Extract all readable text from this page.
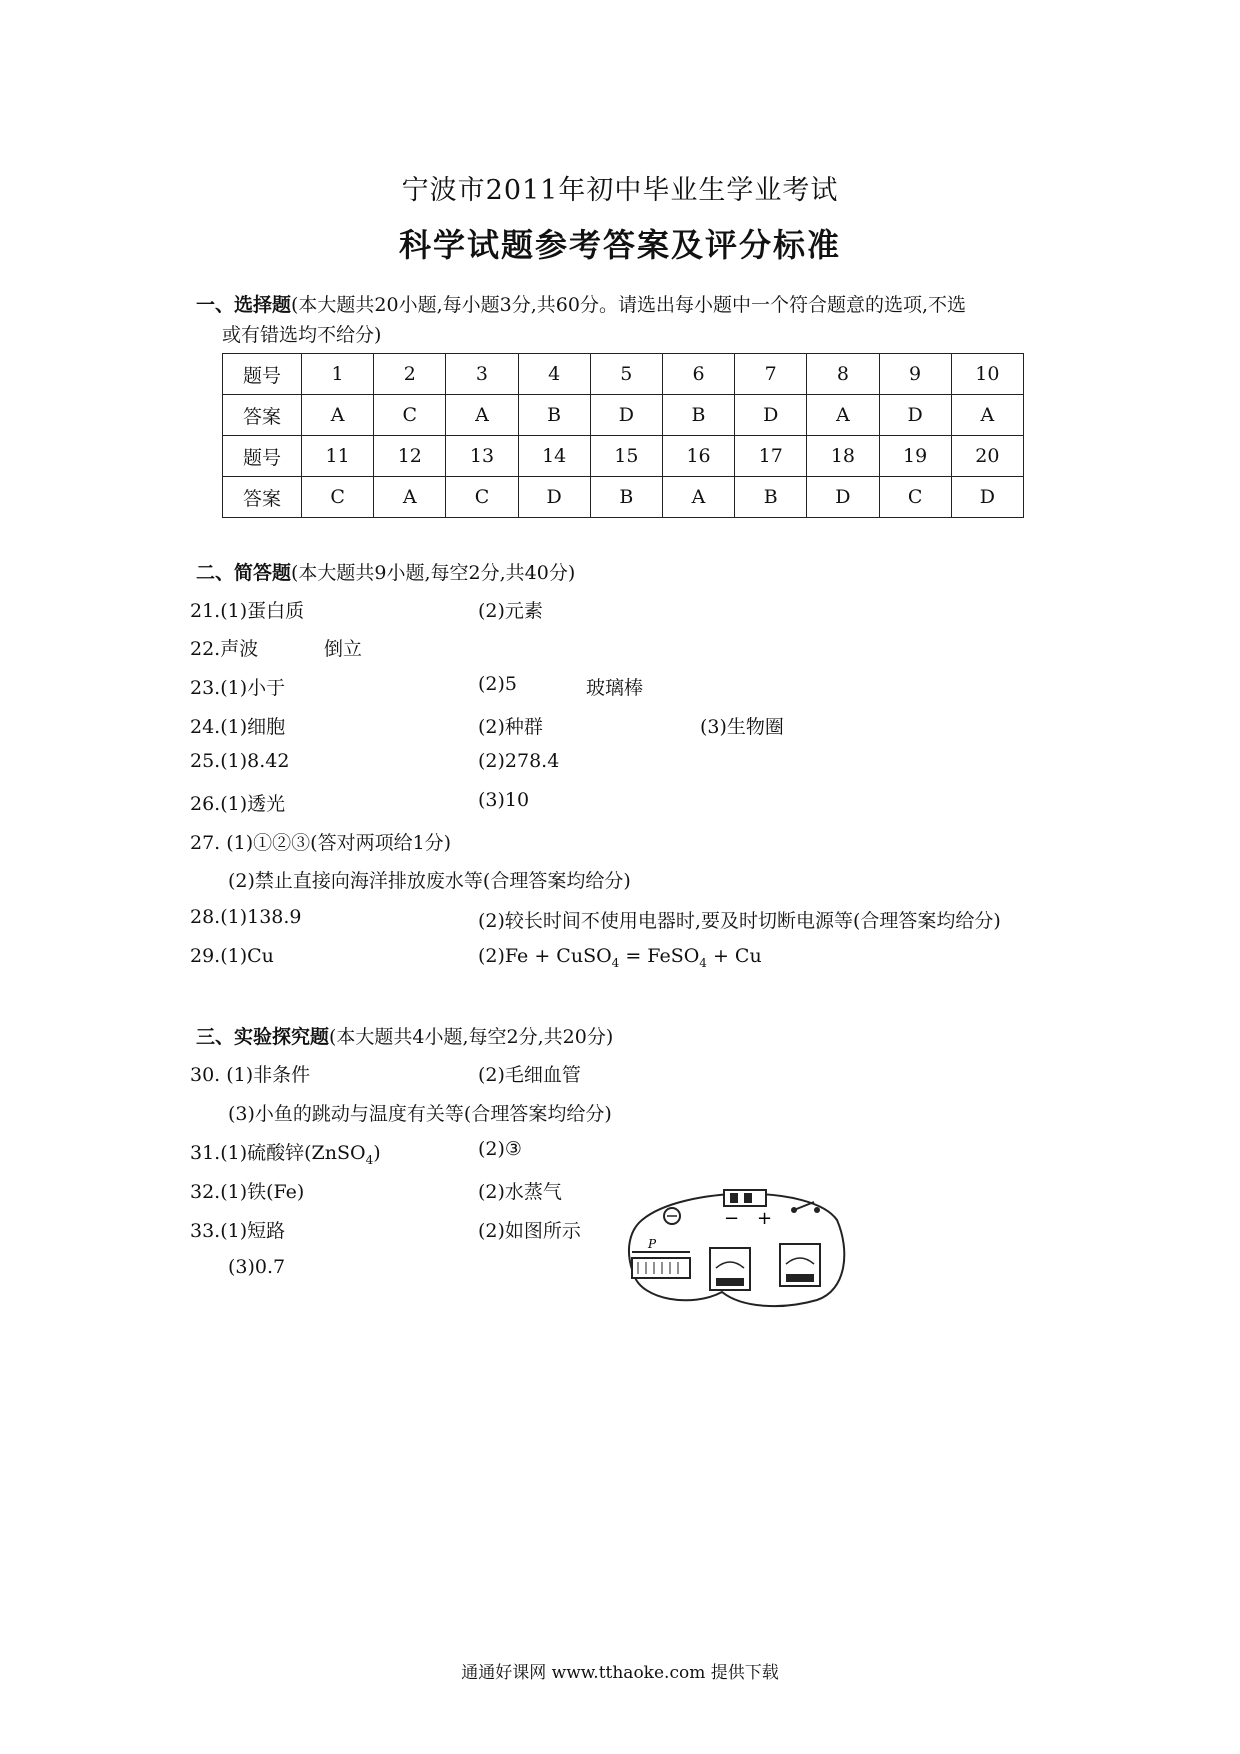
宁波市2011年初中毕业生学业考试
科学试题参考答案及评分标准
一、选择题(本大题共20小题,每小题3分,共60分。请选出每小题中一个符合题意的选项,不选
或有错选均不给分)
题号	1	2	3	4	5	6	7	8	9	10
答案	A	C	A	B	D	B	D	A	D	A
题号	11	12	13	14	15	16	17	18	19	20
答案	C	A	C	D	B	A	B	D	C	D
二、简答题(本大题共9小题,每空2分,共40分)
21.(1)蛋白质	(2)元素
22.声波	倒立
23.(1)小于	(2)5	玻璃棒
24.(1)细胞	(2)种群	(3)生物圈
25.(1)8.42	(2)278.4
26.(1)透光	(3)10
27. (1)①②③(答对两项给1分)
(2)禁止直接向海洋排放废水等(合理答案均给分)
28.(1)138.9	(2)较长时间不使用电器时,要及时切断电源等(合理答案均给分)
29.(1)Cu	(2)Fe + CuSO$_4$ = FeSO$_4$ + Cu
三、实验探究题(本大题共4小题,每空2分,共20分)
30. (1)非条件	(2)毛细血管
(3)小鱼的跳动与温度有关等(合理答案均给分)
31.(1)硫酸锌(ZnSO$_4$)	(2)③
32.(1)铁(Fe)	(2)水蒸气
33.(1)短路	(2)如图所示
(3)0.7
− +
P
通通好课网 www.tthaoke.com 提供下载
